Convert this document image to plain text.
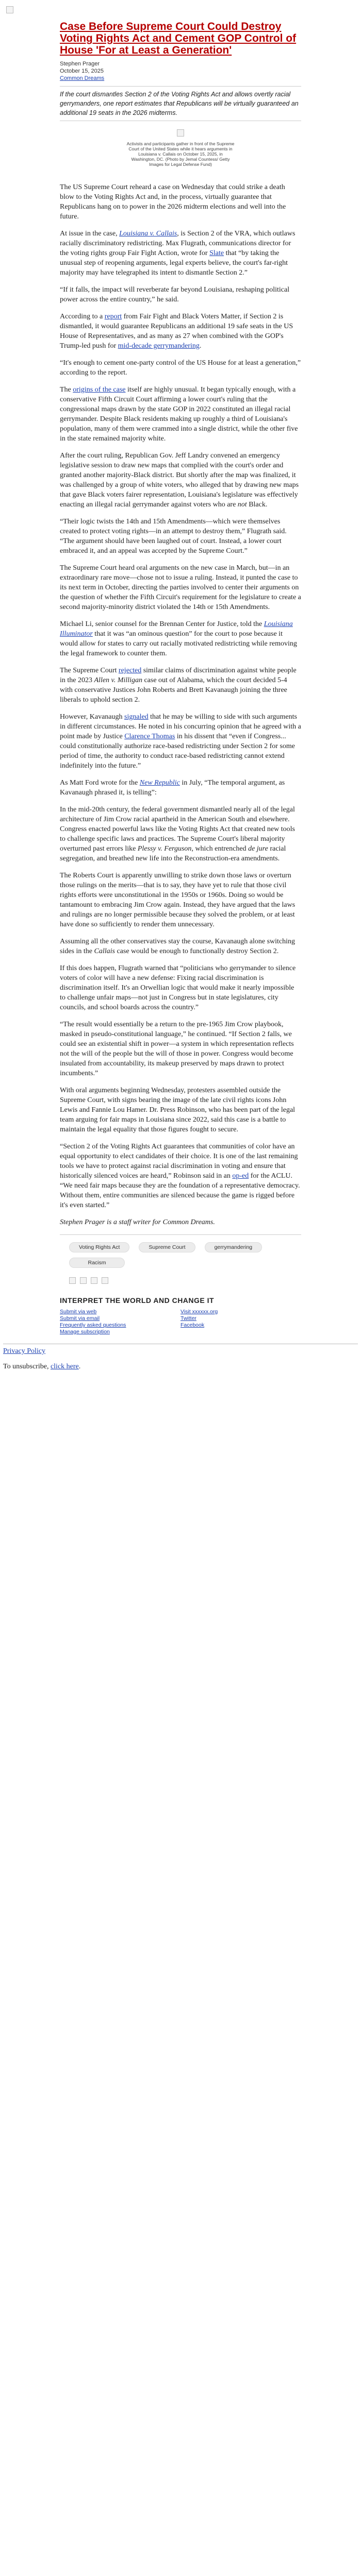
Case Before Supreme Court Could Destroy Voting Rights Act and Cement GOP Control of House 'For at Least a Generation'
Stephen Prager
October 15, 2025
Common Dreams
If the court dismantles Section 2 of the Voting Rights Act and allows overtly racial gerrymanders, one report estimates that Republicans will be virtually guaranteed an additional 19 seats in the 2026 midterms.
Activists and participants gather in front of the Supreme Court of the United States while it hears arguments in Louisiana v. Callais on October 15, 2025, in Washington, DC. (Photo by Jemal Countess/ Getty Images for Legal Defense Fund)

The US Supreme Court reheard a case on Wednesday that could strike a death blow to the Voting Rights Act and, in the process, virtually guarantee that Republicans hang on to power in the 2026 midterm elections and well into the future.

At issue in the case, Louisiana v. Callais, is Section 2 of the VRA, which outlaws racially discriminatory redistricting. Max Flugrath, communications director for the voting rights group Fair Fight Action, wrote for Slate that “by taking the unusual step of reopening arguments, legal experts believe, the court's far-right majority may have telegraphed its intent to dismantle Section 2.”

“If it falls, the impact will reverberate far beyond Louisiana, reshaping political power across the entire country,” he said.

According to a report from Fair Fight and Black Voters Matter, if Section 2 is dismantled, it would guarantee Republicans an additional 19 safe seats in the US House of Representatives, and as many as 27 when combined with the GOP's Trump-led push for mid-decade gerrymandering.

“It's enough to cement one-party control of the US House for at least a generation,” according to the report.

The origins of the case itself are highly unusual. It began typically enough, with a conservative Fifth Circuit Court affirming a lower court's ruling that the congressional maps drawn by the state GOP in 2022 constituted an illegal racial gerrymander. Despite Black residents making up roughly a third of Louisiana's population, many of them were crammed into a single district, while the other five in the state remained majority white.

After the court ruling, Republican Gov. Jeff Landry convened an emergency legislative session to draw new maps that complied with the court's order and granted another majority-Black district. But shortly after the map was finalized, it was challenged by a group of white voters, who alleged that by drawing new maps that gave Black voters fairer representation, Louisiana's legislature was effectively enacting an illegal racial gerrymander against voters who are not Black.

“Their logic twists the 14th and 15th Amendments—which were themselves created to protect voting rights—in an attempt to destroy them,” Flugrath said. “The argument should have been laughed out of court. Instead, a lower court embraced it, and an appeal was accepted by the Supreme Court.”

The Supreme Court heard oral arguments on the new case in March, but—in an extraordinary rare move—chose not to issue a ruling. Instead, it punted the case to its next term in October, directing the parties involved to center their arguments on the question of whether the Fifth Circuit's requirement for the legislature to create a second majority-minority district violated the 14th or 15th Amendments.

Michael Li, senior counsel for the Brennan Center for Justice, told the Louisiana Illuminator that it was “an ominous question” for the court to pose because it would allow for states to carry out racially motivated redistricting while removing the legal framework to counter them.

The Supreme Court rejected similar claims of discrimination against white people in the 2023 Allen v. Milligan case out of Alabama, which the court decided 5-4 with conservative Justices John Roberts and Brett Kavanaugh joining the three liberals to uphold section 2.

However, Kavanaugh signaled that he may be willing to side with such arguments in different circumstances. He noted in his concurring opinion that he agreed with a point made by Justice Clarence Thomas in his dissent that “even if Congress... could constitutionally authorize race-based redistricting under Section 2 for some period of time, the authority to conduct race-based redistricting cannot extend indefinitely into the future.”

As Matt Ford wrote for the New Republic in July, “The temporal argument, as Kavanaugh phrased it, is telling”:

In the mid-20th century, the federal government dismantled nearly all of the legal architecture of Jim Crow racial apartheid in the American South and elsewhere. Congress enacted powerful laws like the Voting Rights Act that created new tools to challenge specific laws and practices. The Supreme Court's liberal majority overturned past errors like Plessy v. Ferguson, which entrenched de jure racial segregation, and breathed new life into the Reconstruction-era amendments.

The Roberts Court is apparently unwilling to strike down those laws or overturn those rulings on the merits—that is to say, they have yet to rule that those civil rights efforts were unconstitutional in the 1950s or 1960s. Doing so would be tantamount to embracing Jim Crow again. Instead, they have argued that the laws and rulings are no longer permissible because they solved the problem, or at least have done so sufficiently to render them unnecessary.

Assuming all the other conservatives stay the course, Kavanaugh alone switching sides in the Callais case would be enough to functionally destroy Section 2.

If this does happen, Flugrath warned that “politicians who gerrymander to silence voters of color will have a new defense: Fixing racial discrimination is discrimination itself. It's an Orwellian logic that would make it nearly impossible to challenge unfair maps—not just in Congress but in state legislatures, city councils, and school boards across the country.”

“The result would essentially be a return to the pre-1965 Jim Crow playbook, masked in pseudo-constitutional language,” he continued. “If Section 2 falls, we could see an existential shift in power—a system in which representation reflects not the will of the people but the will of those in power. Congress would become insulated from accountability, its makeup preserved by maps drawn to protect incumbents.”

With oral arguments beginning Wednesday, protesters assembled outside the Supreme Court, with signs bearing the image of the late civil rights icons John Lewis and Fannie Lou Hamer. Dr. Press Robinson, who has been part of the legal team arguing for fair maps in Louisiana since 2022, said this case is a battle to maintain the legal equality that those figures fought to secure.

“Section 2 of the Voting Rights Act guarantees that communities of color have an equal opportunity to elect candidates of their choice. It is one of the last remaining tools we have to protect against racial discrimination in voting and ensure that historically silenced voices are heard,” Robinson said in an op-ed for the ACLU. “We need fair maps because they are the foundation of a representative democracy. Without them, entire communities are silenced because the game is rigged before it's even started.”

Stephen Prager is a staff writer for Common Dreams.

Voting Rights Act	Supreme Court	gerrymandering
Racism
INTERPRET THE WORLD AND CHANGE IT
Submit via web
Submit via email
Frequently asked questions
Manage subscription
Visit xxxxxx.org
Twitter
Facebook

Privacy Policy

To unsubscribe, click here.
